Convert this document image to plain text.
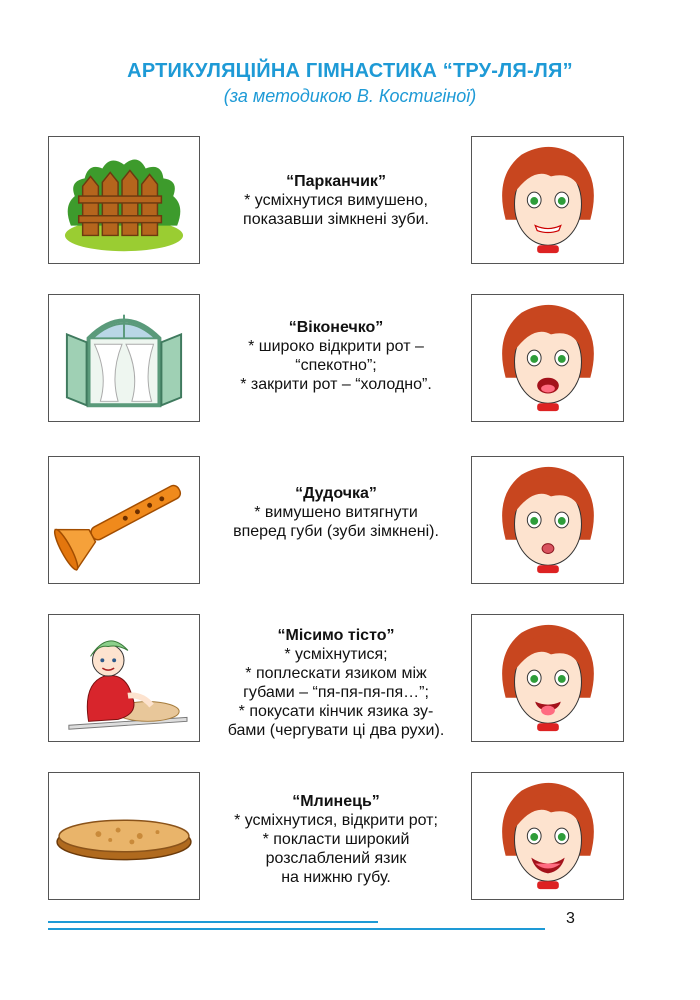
АРТИКУЛЯЦІЙНА ГІМНАСТИКА “ТРУ-ЛЯ-ЛЯ”
(за методикою В. Костигіної)
“Парканчик”
* усміхнутися вимушено,
показавши зімкнені зуби.
“Віконечко”
* широко відкрити рот –
“спекотно”;
* закрити рот – “холодно”.
“Дудочка”
* вимушено витягнути
вперед губи (зуби зімкнені).
“Місимо тісто”
* усміхнутися;
* поплескати язиком між
губами – “пя-пя-пя-пя…”;
* покусати кінчик язика зу-
бами (чергувати ці два рухи).
“Млинець”
* усміхнутися, відкрити рот;
* покласти широкий
розслаблений язик
на нижню губу.
3
